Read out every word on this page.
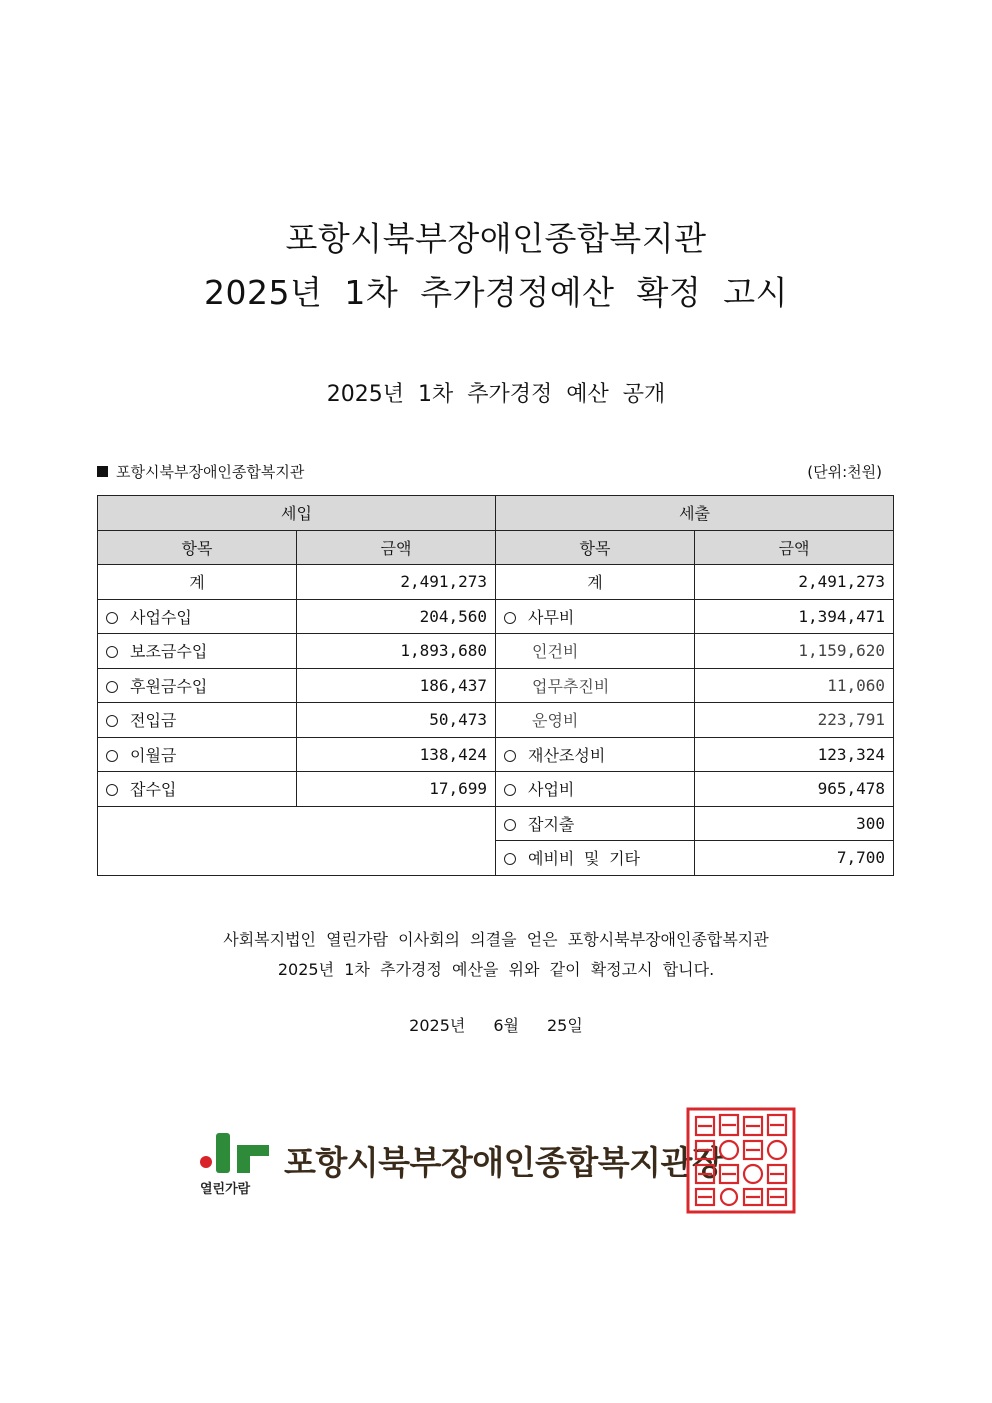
포항시북부장애인종합복지관
2025년  1차  추가경정예산  확정  고시
2025년  1차  추가경정  예산  공개
포항시북부장애인종합복지관	(단위:천원)
세입		세출	
항목	금액	항목	금액
계	2,491,273	계	2,491,273
사업수입	204,560	사무비	1,394,471
보조금수입	1,893,680	인건비	1,159,620
후원금수입	186,437	업무추진비	11,060
전입금	50,473	운영비	223,791
이월금	138,424	재산조성비	123,324
잡수입	17,699	사업비	965,478
		잡지출	300
		예비비 및 기타	7,700
사회복지법인  열린가람  이사회의  의결을  얻은  포항시북부장애인종합복지관
2025년  1차  추가경정  예산을  위와  같이  확정고시  합니다.
2025년 6월 25일
열린가람
포항시북부장애인종합복지관장
